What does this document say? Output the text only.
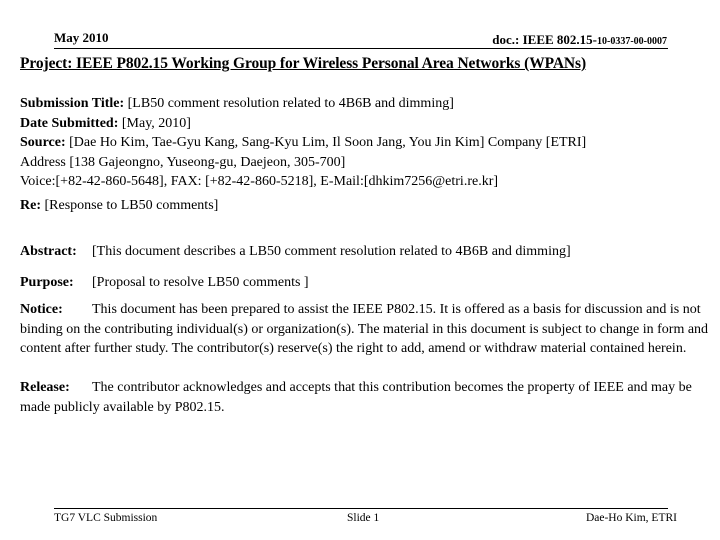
May 2010	doc.: IEEE 802.15-10-0337-00-0007
Project: IEEE P802.15 Working Group for Wireless Personal Area Networks (WPANs)
Submission Title: [LB50 comment resolution related to 4B6B and dimming]
Date Submitted: [May, 2010]
Source: [Dae Ho Kim, Tae-Gyu Kang, Sang-Kyu Lim, Il Soon Jang, You Jin Kim] Company [ETRI]
Address [138 Gajeongno, Yuseong-gu, Daejeon, 305-700]
Voice:[+82-42-860-5648], FAX: [+82-42-860-5218], E-Mail:[dhkim7256@etri.re.kr]
Re: [Response to LB50 comments]
Abstract: [This document describes a LB50 comment resolution related to 4B6B and dimming]
Purpose: [Proposal to resolve LB50 comments ]
Notice: This document has been prepared to assist the IEEE P802.15. It is offered as a basis for discussion and is not binding on the contributing individual(s) or organization(s). The material in this document is subject to change in form and content after further study. The contributor(s) reserve(s) the right to add, amend or withdraw material contained herein.
Release: The contributor acknowledges and accepts that this contribution becomes the property of IEEE and may be made publicly available by P802.15.
TG7 VLC Submission	Slide 1	Dae-Ho Kim, ETRI
